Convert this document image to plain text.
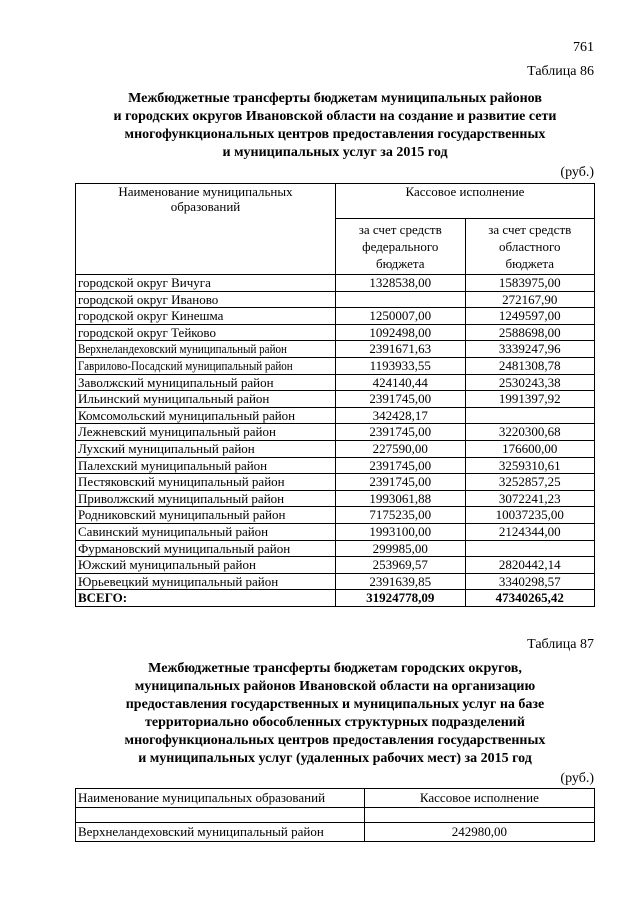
761
Таблица 86
Межбюджетные трансферты бюджетам муниципальных районов
и городских округов Ивановской области на создание и развитие сети
многофункциональных центров предоставления государственных
и муниципальных услуг за 2015 год
(руб.)
Наименование муниципальных образований	Кассовое исполнение	
	за счет средств федерального бюджета	за счет средств областного бюджета
городской округ Вичуга	1328538,00	1583975,00
городской округ Иваново		272167,90
городской округ Кинешма	1250007,00	1249597,00
городской округ Тейково	1092498,00	2588698,00
Верхнеландеховский муниципальный район	2391671,63	3339247,96
Гаврилово-Посадский муниципальный район	1193933,55	2481308,78
Заволжский муниципальный район	424140,44	2530243,38
Ильинский муниципальный район	2391745,00	1991397,92
Комсомольский муниципальный район	342428,17	
Лежневский муниципальный район	2391745,00	3220300,68
Лухский муниципальный район	227590,00	176600,00
Палехский муниципальный район	2391745,00	3259310,61
Пестяковский муниципальный район	2391745,00	3252857,25
Приволжский муниципальный район	1993061,88	3072241,23
Родниковский муниципальный район	7175235,00	10037235,00
Савинский муниципальный район	1993100,00	2124344,00
Фурмановский муниципальный район	299985,00	
Южский муниципальный район	253969,57	2820442,14
Юрьевецкий муниципальный район	2391639,85	3340298,57
ВСЕГО:	31924778,09	47340265,42
Таблица 87
Межбюджетные трансферты бюджетам городских округов,
муниципальных районов Ивановской области на организацию
предоставления государственных и муниципальных услуг на базе
территориально обособленных структурных подразделений
многофункциональных центров предоставления государственных
и муниципальных услуг (удаленных рабочих мест) за 2015 год
(руб.)
Наименование муниципальных образований	Кассовое исполнение

Верхнеландеховский муниципальный район	242980,00
